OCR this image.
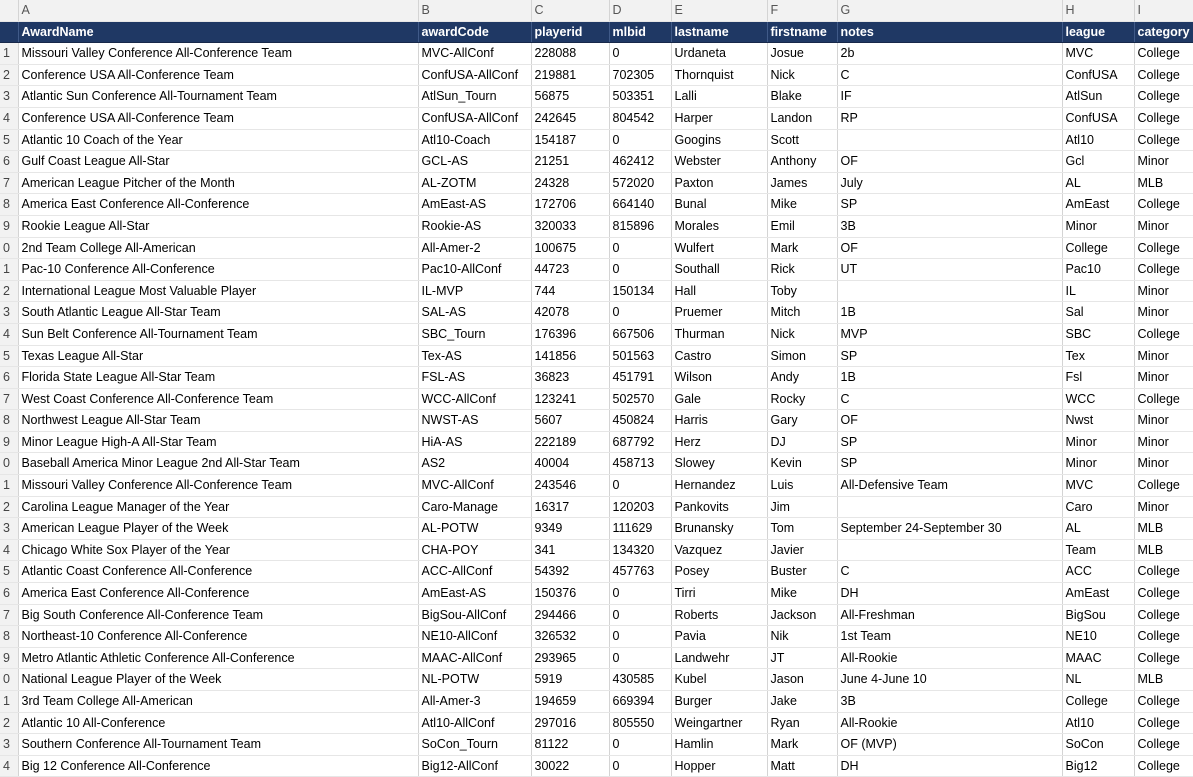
	A	B	C	D	E	F	G	H	I
	AwardName	awardCode	playerid	mlbid	lastname	firstname	notes	league	category
1	Missouri Valley Conference All-Conference Team	MVC-AllConf	228088	0	Urdaneta	Josue	2b	MVC	College
2	Conference USA All-Conference Team	ConfUSA-AllConf	219881	702305	Thornquist	Nick	C	ConfUSA	College
3	Atlantic Sun Conference All-Tournament Team	AtlSun_Tourn	56875	503351	Lalli	Blake	IF	AtlSun	College
4	Conference USA All-Conference Team	ConfUSA-AllConf	242645	804542	Harper	Landon	RP	ConfUSA	College
5	Atlantic 10 Coach of the Year	Atl10-Coach	154187	0	Googins	Scott		Atl10	College
6	Gulf Coast League All-Star	GCL-AS	21251	462412	Webster	Anthony	OF	Gcl	Minor
7	American League Pitcher of the Month	AL-ZOTM	24328	572020	Paxton	James	July	AL	MLB
8	America East Conference All-Conference	AmEast-AS	172706	664140	Bunal	Mike	SP	AmEast	College
9	Rookie League All-Star	Rookie-AS	320033	815896	Morales	Emil	3B	Minor	Minor
0	2nd Team College All-American	All-Amer-2	100675	0	Wulfert	Mark	OF	College	College
1	Pac-10 Conference All-Conference	Pac10-AllConf	44723	0	Southall	Rick	UT	Pac10	College
2	International League Most Valuable Player	IL-MVP	744	150134	Hall	Toby		IL	Minor
3	South Atlantic League All-Star Team	SAL-AS	42078	0	Pruemer	Mitch	1B	Sal	Minor
4	Sun Belt Conference All-Tournament Team	SBC_Tourn	176396	667506	Thurman	Nick	MVP	SBC	College
5	Texas League All-Star	Tex-AS	141856	501563	Castro	Simon	SP	Tex	Minor
6	Florida State League All-Star Team	FSL-AS	36823	451791	Wilson	Andy	1B	Fsl	Minor
7	West Coast Conference All-Conference Team	WCC-AllConf	123241	502570	Gale	Rocky	C	WCC	College
8	Northwest League All-Star Team	NWST-AS	5607	450824	Harris	Gary	OF	Nwst	Minor
9	Minor League High-A All-Star Team	HiA-AS	222189	687792	Herz	DJ	SP	Minor	Minor
0	Baseball America Minor League 2nd All-Star Team	AS2	40004	458713	Slowey	Kevin	SP	Minor	Minor
1	Missouri Valley Conference All-Conference Team	MVC-AllConf	243546	0	Hernandez	Luis	All-Defensive Team	MVC	College
2	Carolina League Manager of the Year	Caro-Manage	16317	120203	Pankovits	Jim		Caro	Minor
3	American League Player of the Week	AL-POTW	9349	111629	Brunansky	Tom	September 24-September 30	AL	MLB
4	Chicago White Sox Player of the Year	CHA-POY	341	134320	Vazquez	Javier		Team	MLB
5	Atlantic Coast Conference All-Conference	ACC-AllConf	54392	457763	Posey	Buster	C	ACC	College
6	America East Conference All-Conference	AmEast-AS	150376	0	Tirri	Mike	DH	AmEast	College
7	Big South Conference All-Conference Team	BigSou-AllConf	294466	0	Roberts	Jackson	All-Freshman	BigSou	College
8	Northeast-10 Conference All-Conference	NE10-AllConf	326532	0	Pavia	Nik	1st Team	NE10	College
9	Metro Atlantic Athletic Conference All-Conference	MAAC-AllConf	293965	0	Landwehr	JT	All-Rookie	MAAC	College
0	National League Player of the Week	NL-POTW	5919	430585	Kubel	Jason	June 4-June 10	NL	MLB
1	3rd Team College All-American	All-Amer-3	194659	669394	Burger	Jake	3B	College	College
2	Atlantic 10 All-Conference	Atl10-AllConf	297016	805550	Weingartner	Ryan	All-Rookie	Atl10	College
3	Southern Conference All-Tournament Team	SoCon_Tourn	81122	0	Hamlin	Mark	OF (MVP)	SoCon	College
4	Big 12 Conference All-Conference	Big12-AllConf	30022	0	Hopper	Matt	DH	Big12	College
